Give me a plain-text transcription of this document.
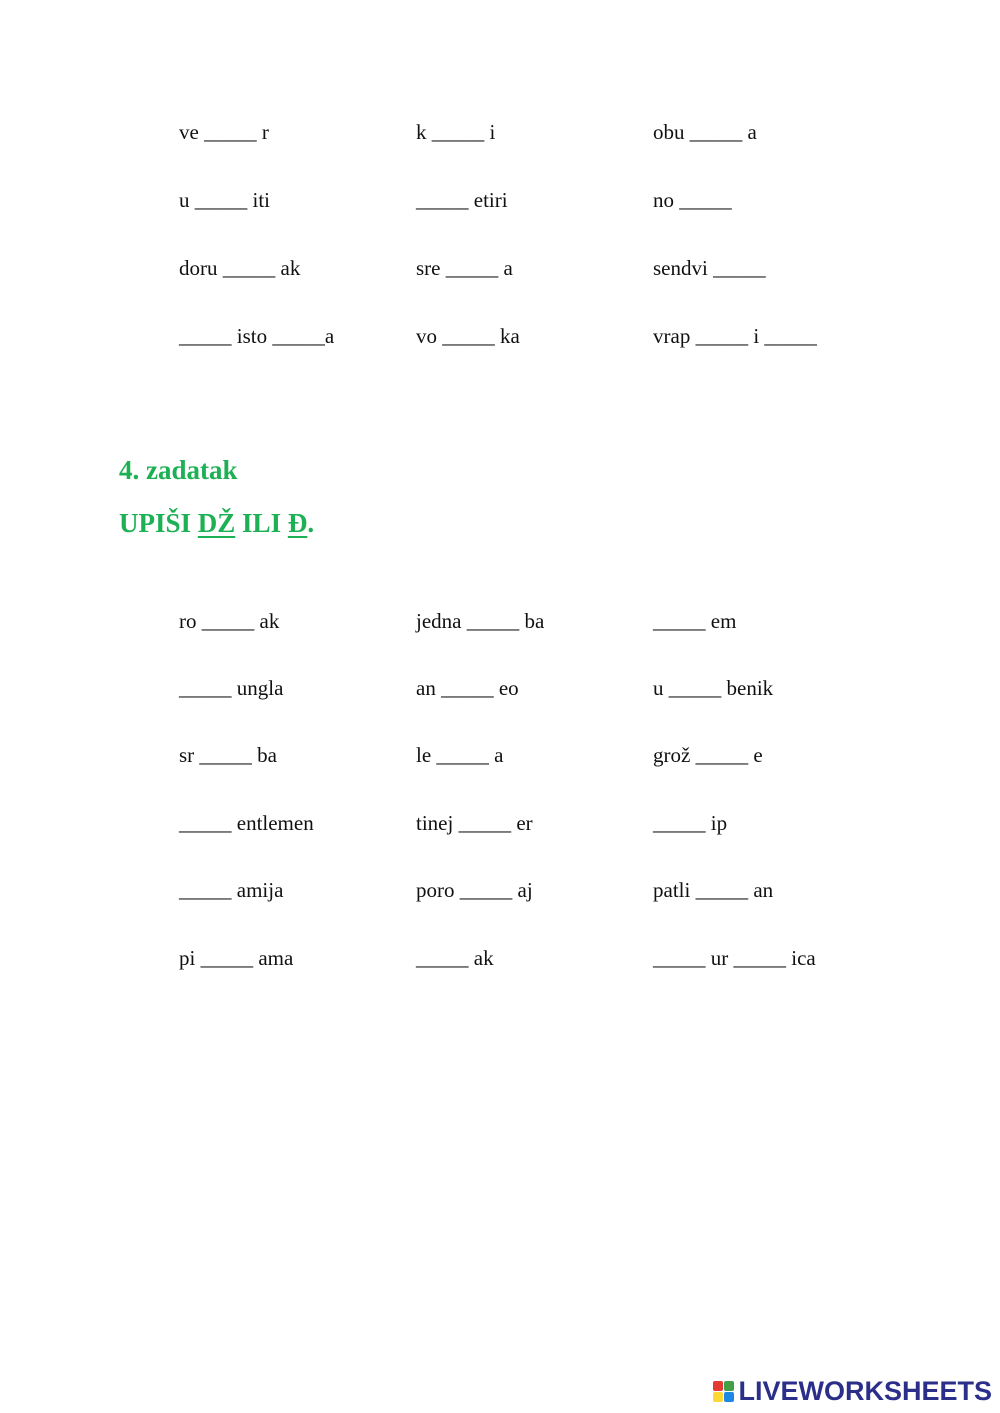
ve _____ r	k _____ i	obu _____ a
u _____ iti	_____ etiri	no _____
doru _____ ak	sre _____ a	sendvi _____
_____ isto _____a	vo _____ ka	vrap _____ i _____
4. zadatak
UPIŠI DŽ ILI Đ.
ro _____ ak	jedna _____ ba	_____ em
_____ ungla	an _____ eo	u _____ benik
sr _____ ba	le _____ a	grož _____ e
_____ entlemen	tinej _____ er	_____ ip
_____ amija	poro _____ aj	patli _____ an
pi _____ ama	_____ ak	_____ ur _____ ica
LIVEWORKSHEETS
